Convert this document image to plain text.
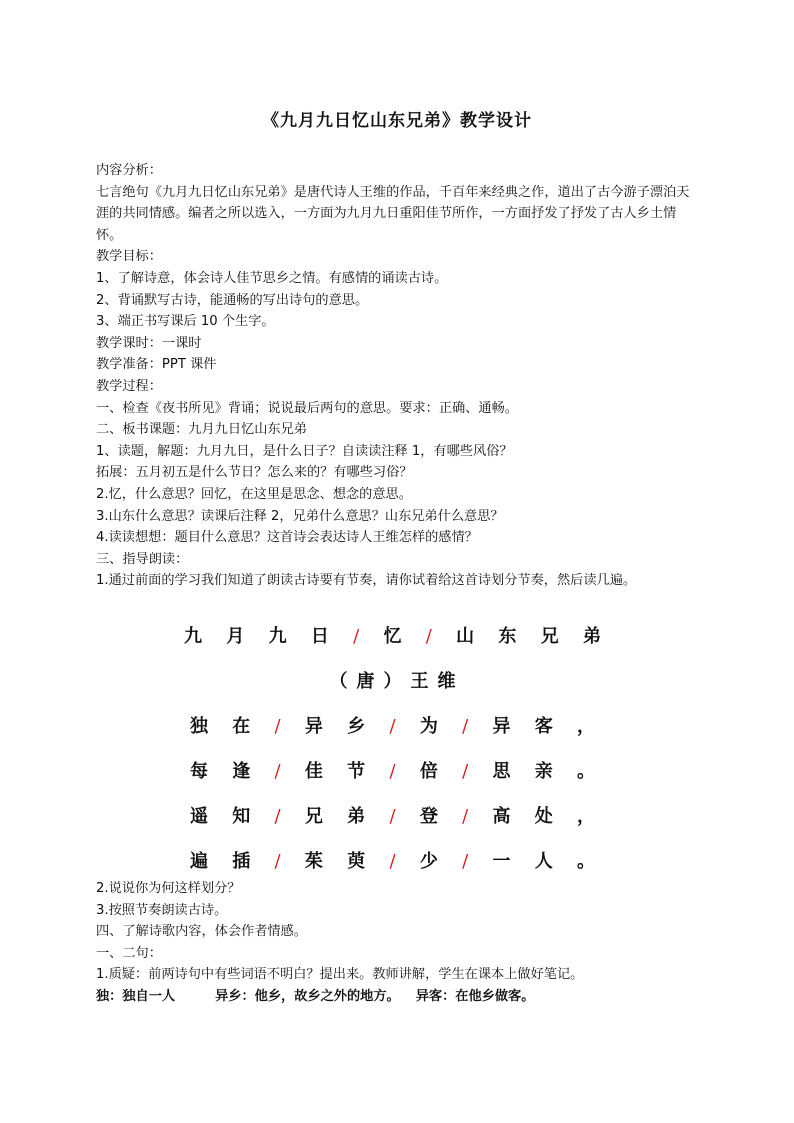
《九月九日忆山东兄弟》教学设计
内容分析：
七言绝句《九月九日忆山东兄弟》是唐代诗人王维的作品，千百年来经典之作，道出了古今游子漂泊天涯的共同情感。编者之所以选入，一方面为九月九日重阳佳节所作，一方面抒发了抒发了古人乡土情怀。
教学目标：
1、了解诗意，体会诗人佳节思乡之情。有感情的诵读古诗。
2、背诵默写古诗，能通畅的写出诗句的意思。
3、端正书写课后 10 个生字。
教学课时：一课时
教学准备：PPT 课件
教学过程：
一、检查《夜书所见》背诵；说说最后两句的意思。要求：正确、通畅。
二、板书课题：九月九日忆山东兄弟
1、读题，解题：九月九日，是什么日子？自读读注释 1，有哪些风俗？
拓展：五月初五是什么节日？怎么来的？有哪些习俗？
2.忆，什么意思？回忆，在这里是思念、想念的意思。
3.山东什么意思？读课后注释 2，兄弟什么意思？山东兄弟什么意思？
4.读读想想：题目什么意思？这首诗会表达诗人王维怎样的感情？
三、指导朗读：
1.通过前面的学习我们知道了朗读古诗要有节奏，请你试着给这首诗划分节奏，然后读几遍。
九 月 九 日 / 忆 / 山 东 兄 弟
（唐）王维
独 在 / 异 乡 / 为 / 异 客 ，
每 逢 / 佳 节 / 倍 / 思 亲 。
遥 知 / 兄 弟 / 登 / 高 处 ，
遍 插 / 茱 萸 / 少 / 一 人 。
2.说说你为何这样划分？
3.按照节奏朗读古诗。
四、了解诗歌内容，体会作者情感。
一、二句：
1.质疑：前两诗句中有些词语不明白？提出来。教师讲解，学生在课本上做好笔记。
独：独自一人	异乡：他乡，故乡之外的地方。 异客：在他乡做客。
